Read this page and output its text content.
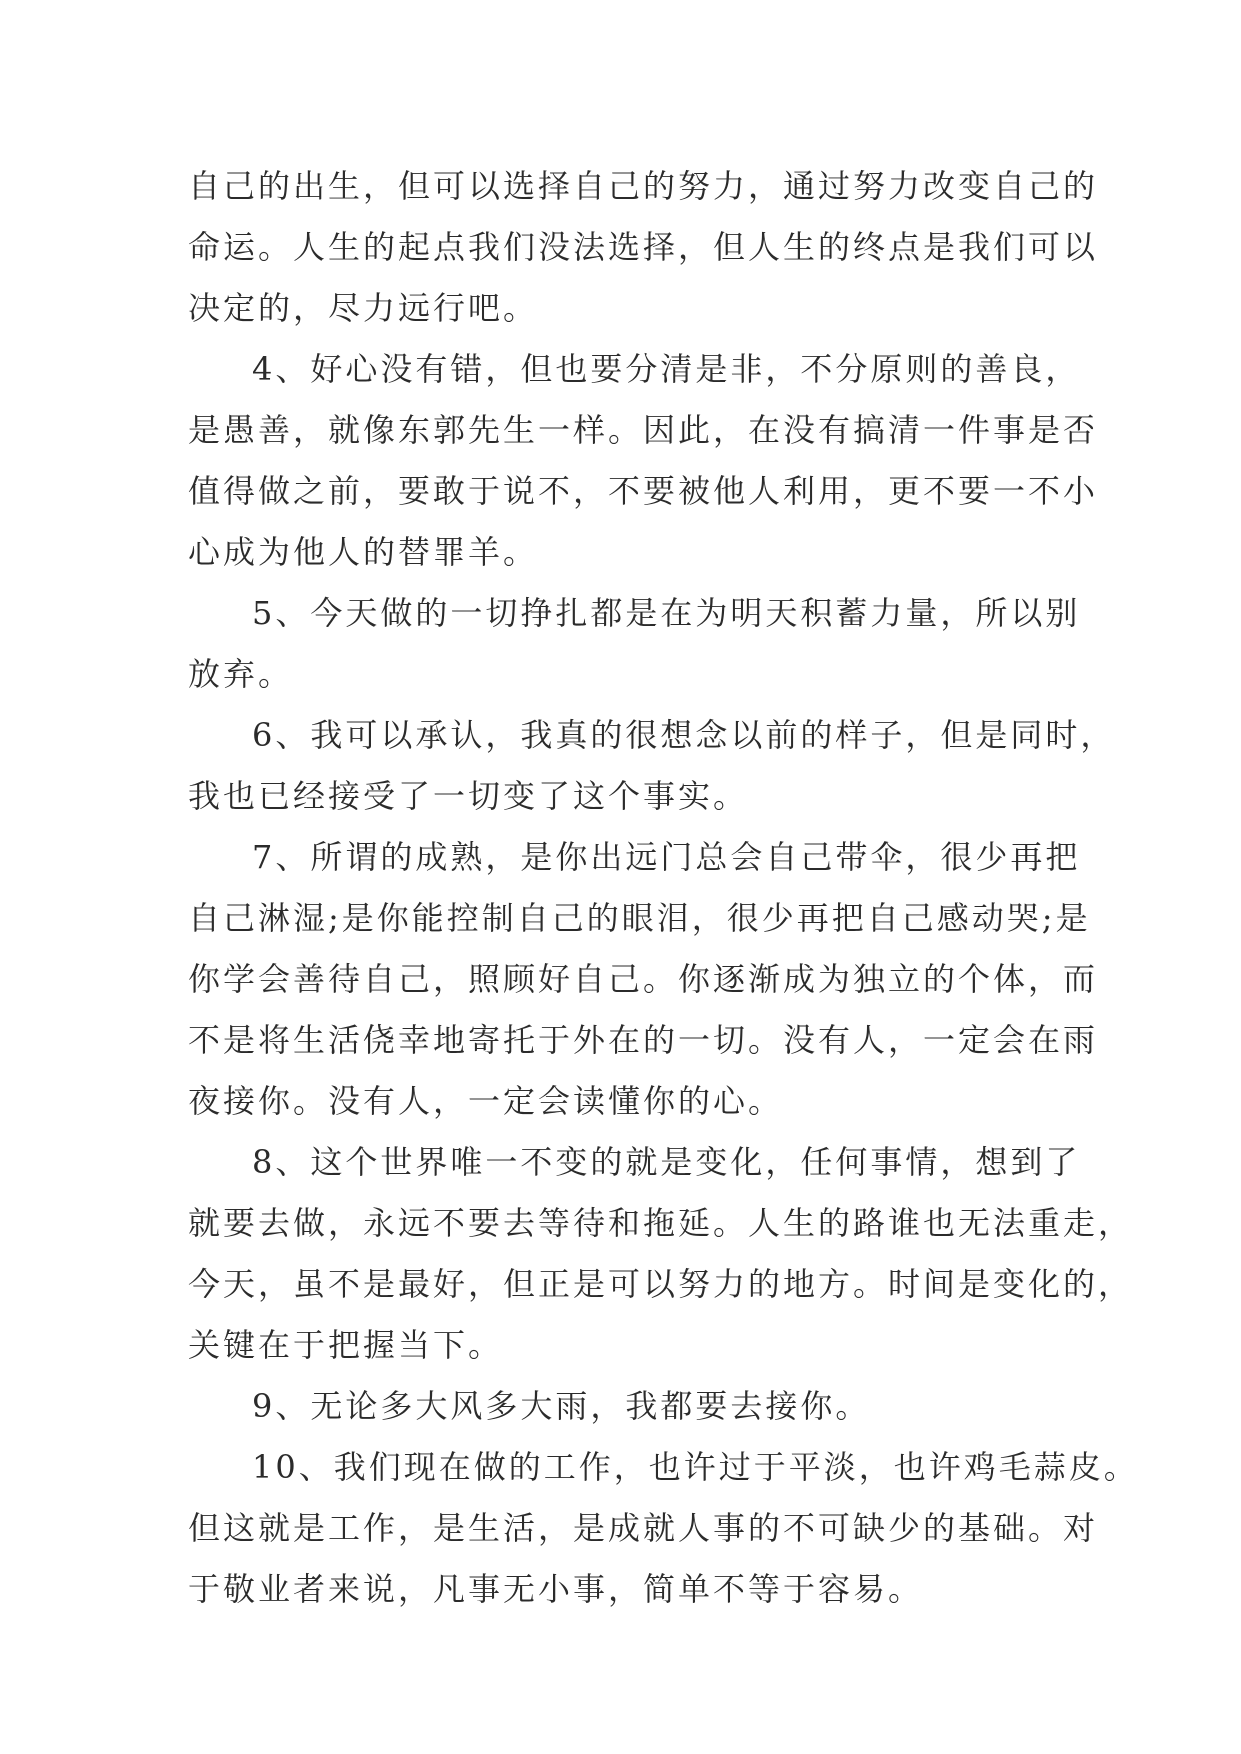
自己的出生，但可以选择自己的努力，通过努力改变自己的

命运。人生的起点我们没法选择，但人生的终点是我们可以

决定的，尽力远行吧。

4、好心没有错，但也要分清是非，不分原则的善良，

是愚善，就像东郭先生一样。因此，在没有搞清一件事是否

值得做之前，要敢于说不，不要被他人利用，更不要一不小

心成为他人的替罪羊。

5、今天做的一切挣扎都是在为明天积蓄力量，所以别

放弃。

6、我可以承认，我真的很想念以前的样子，但是同时，

我也已经接受了一切变了这个事实。

7、所谓的成熟，是你出远门总会自己带伞，很少再把

自己淋湿;是你能控制自己的眼泪，很少再把自己感动哭;是

你学会善待自己，照顾好自己。你逐渐成为独立的个体，而

不是将生活侥幸地寄托于外在的一切。没有人，一定会在雨

夜接你。没有人，一定会读懂你的心。

8、这个世界唯一不变的就是变化，任何事情，想到了

就要去做，永远不要去等待和拖延。人生的路谁也无法重走，

今天，虽不是最好，但正是可以努力的地方。时间是变化的，

关键在于把握当下。

9、无论多大风多大雨，我都要去接你。

10、我们现在做的工作，也许过于平淡，也许鸡毛蒜皮。

但这就是工作，是生活，是成就人事的不可缺少的基础。对

于敬业者来说，凡事无小事，简单不等于容易。
